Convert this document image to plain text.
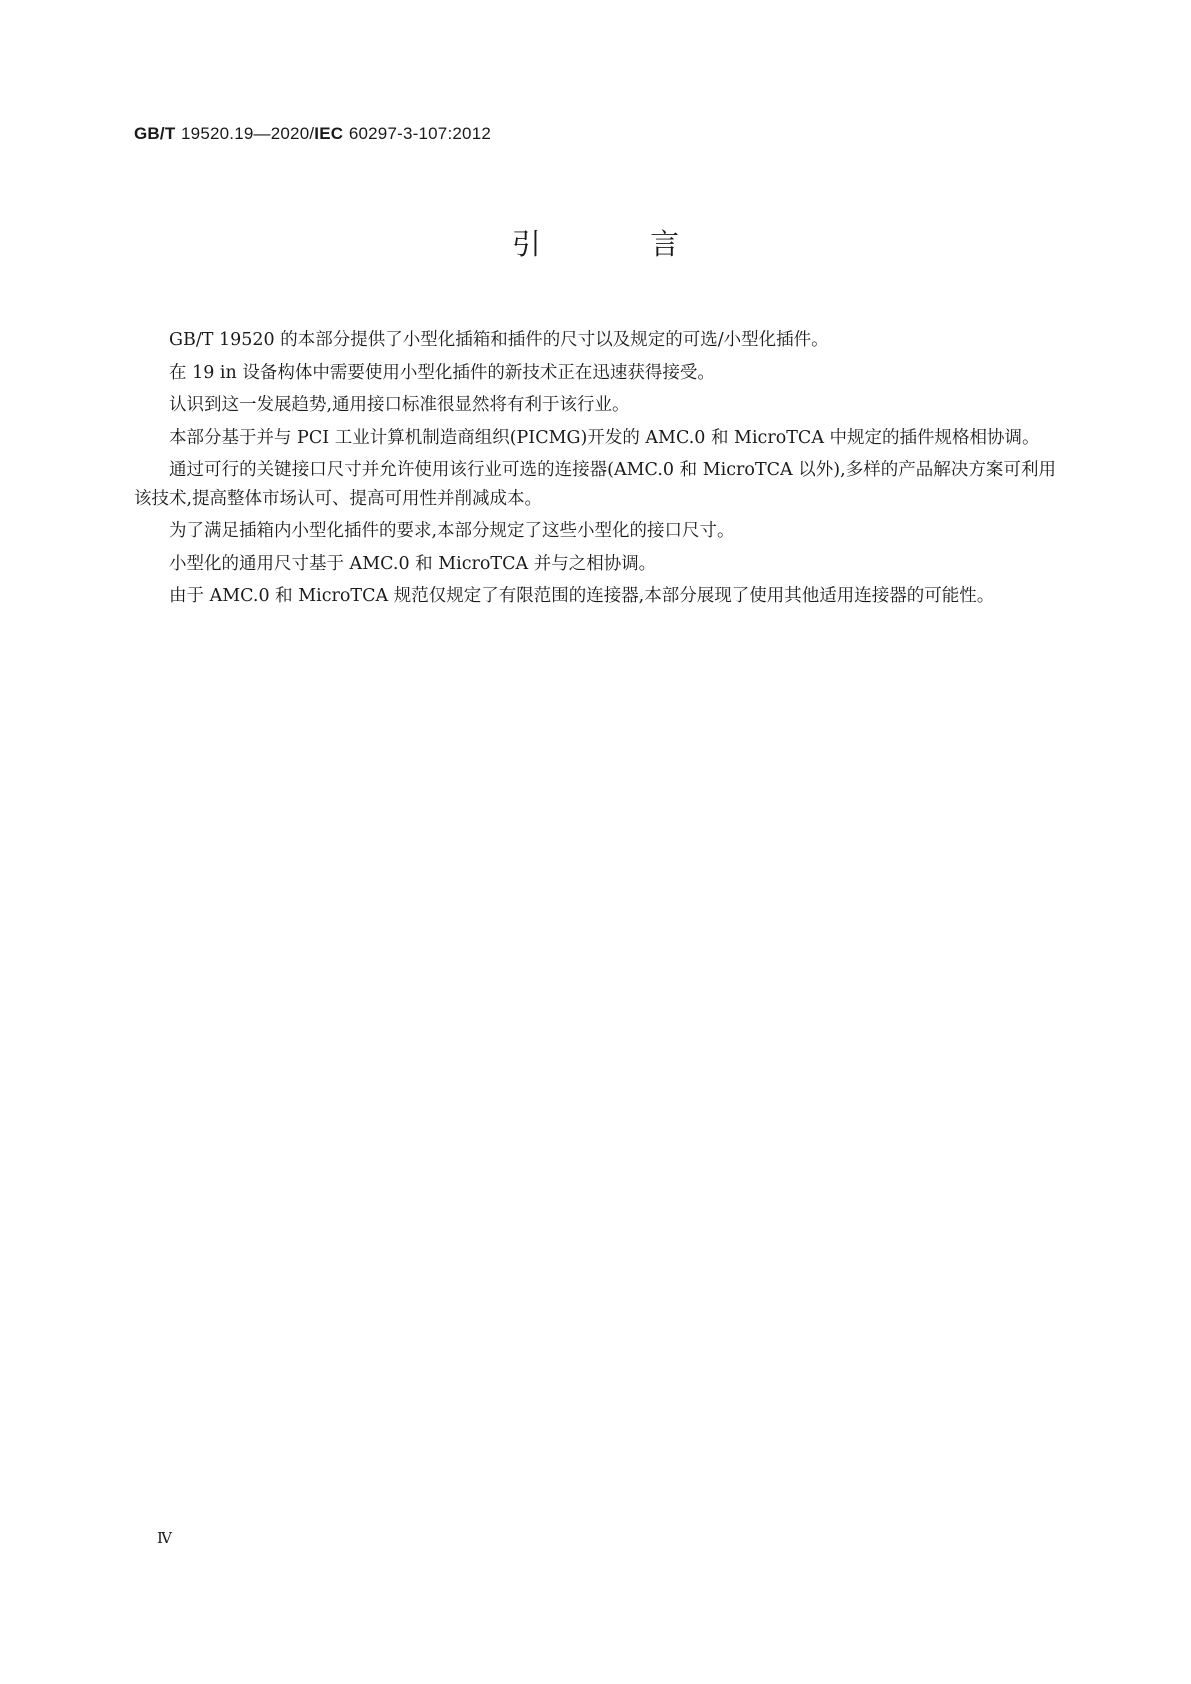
GB/T 19520.19—2020/IEC 60297-3-107:2012
引 言

GB/T 19520 的本部分提供了小型化插箱和插件的尺寸以及规定的可选/小型化插件。

在 19 in 设备构体中需要使用小型化插件的新技术正在迅速获得接受。

认识到这一发展趋势,通用接口标准很显然将有利于该行业。

本部分基于并与 PCI 工业计算机制造商组织(PICMG)开发的 AMC.0 和 MicroTCA 中规定的插件规格相协调。

通过可行的关键接口尺寸并允许使用该行业可选的连接器(AMC.0 和 MicroTCA 以外),多样的产品解决方案可利用该技术,提高整体市场认可、提高可用性并削减成本。

为了满足插箱内小型化插件的要求,本部分规定了这些小型化的接口尺寸。

小型化的通用尺寸基于 AMC.0 和 MicroTCA 并与之相协调。

由于 AMC.0 和 MicroTCA 规范仅规定了有限范围的连接器,本部分展现了使用其他适用连接器的可能性。

Ⅳ
